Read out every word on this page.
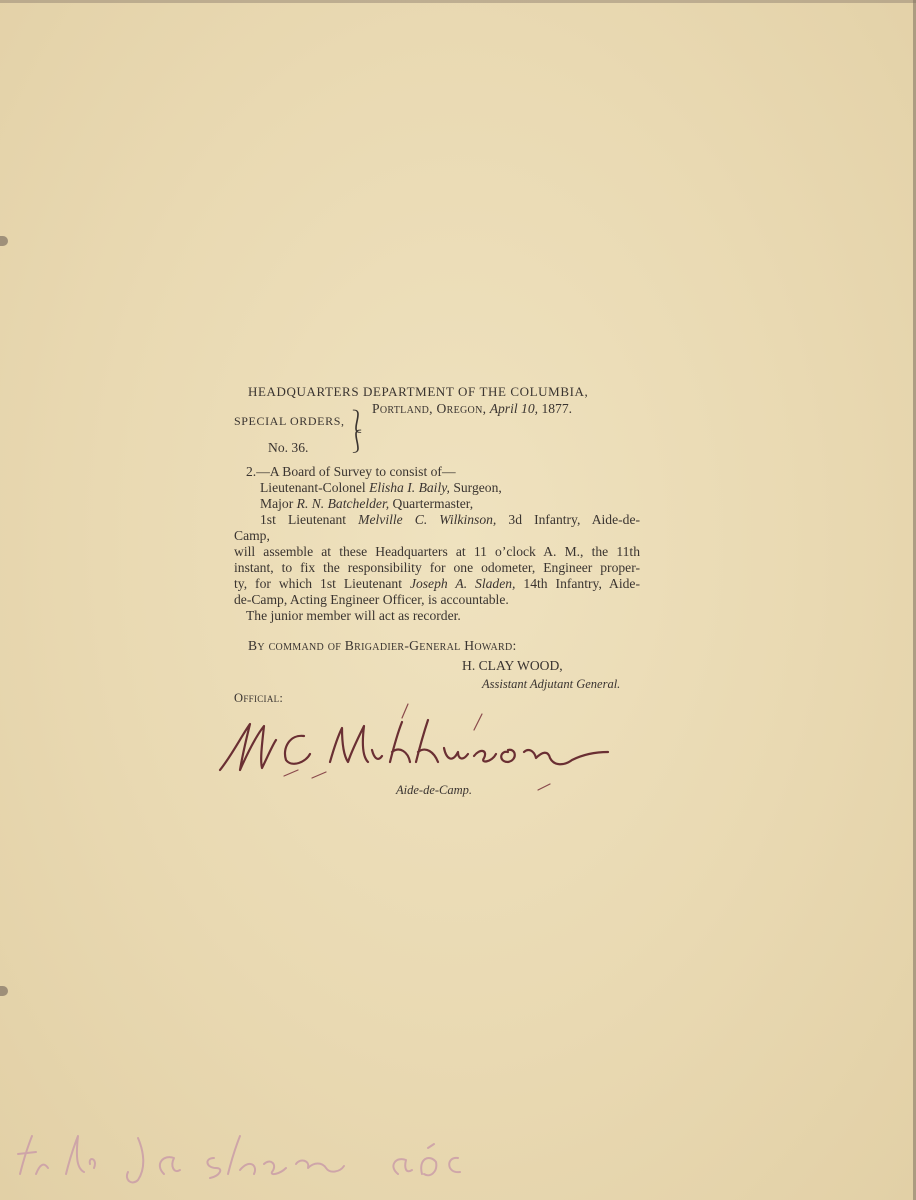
HEADQUARTERS DEPARTMENT OF THE COLUMBIA,
Portland, Oregon, April 10, 1877.
SPECIAL ORDERS, ⎱
⎰
No. 36.
2.—A Board of Survey to consist of—
Lieutenant-Colonel Elisha I. Baily, Surgeon,
Major R. N. Batchelder, Quartermaster,
1st Lieutenant Melville C. Wilkinson, 3d Infantry, Aide-de-
Camp,
will assemble at these Headquarters at 11 o’clock A. M., the 11th
instant, to fix the responsibility for one odometer, Engineer proper-
ty, for which 1st Lieutenant Joseph A. Sladen, 14th Infantry, Aide-
de-Camp, Acting Engineer Officer, is accountable.
The junior member will act as recorder.
By command of Brigadier-General Howard:
H. CLAY WOOD,
Assistant Adjutant General.
Official:
Aide-de-Camp.
